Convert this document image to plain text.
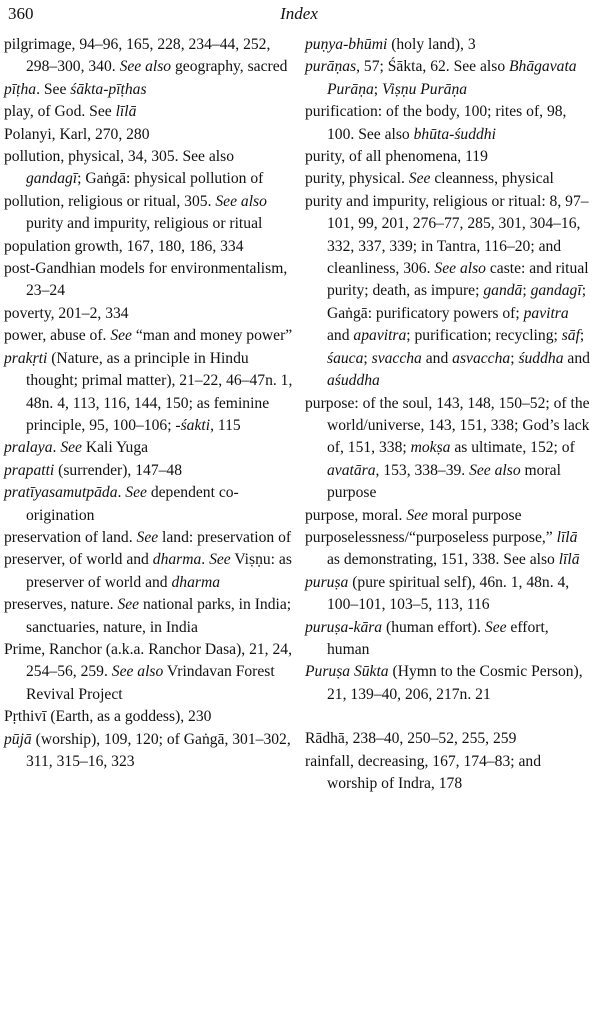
360	Index
pilgrimage, 94–96, 165, 228, 234–44, 252, 298–300, 340. See also geography, sacred
pīṭha. See śākta-pīṭhas
play, of God. See līlā
Polanyi, Karl, 270, 280
pollution, physical, 34, 305. See also gandagī; Gaṅgā: physical pollution of
pollution, religious or ritual, 305. See also purity and impurity, religious or ritual
population growth, 167, 180, 186, 334
post-Gandhian models for environmentalism, 23–24
poverty, 201–2, 334
power, abuse of. See “man and money power”
prakṛti (Nature, as a principle in Hindu thought; primal matter), 21–22, 46–47n. 1, 48n. 4, 113, 116, 144, 150; as feminine principle, 95, 100–106; -śakti, 115
pralaya. See Kali Yuga
prapatti (surrender), 147–48
pratīyasamutpāda. See dependent co-origination
preservation of land. See land: preservation of
preserver, of world and dharma. See Viṣṇu: as preserver of world and dharma
preserves, nature. See national parks, in India; sanctuaries, nature, in India
Prime, Ranchor (a.k.a. Ranchor Dasa), 21, 24, 254–56, 259. See also Vrindavan Forest Revival Project
Pṛthivī (Earth, as a goddess), 230
pūjā (worship), 109, 120; of Gaṅgā, 301–302, 311, 315–16, 323
puṇya-bhūmi (holy land), 3
purāṇas, 57; Śākta, 62. See also Bhāgavata Purāṇa; Viṣṇu Purāṇa
purification: of the body, 100; rites of, 98, 100. See also bhūta-śuddhi
purity, of all phenomena, 119
purity, physical. See cleanness, physical
purity and impurity, religious or ritual: 8, 97–101, 99, 201, 276–77, 285, 301, 304–16, 332, 337, 339; in Tantra, 116–20; and cleanliness, 306. See also caste: and ritual purity; death, as impure; gandā; gandagī; Gaṅgā: purificatory powers of; pavitra and apavitra; purification; recycling; sāf; śauca; svaccha and asvaccha; śuddha and aśuddha
purpose: of the soul, 143, 148, 150–52; of the world/universe, 143, 151, 338; God’s lack of, 151, 338; mokṣa as ultimate, 152; of avatāra, 153, 338–39. See also moral purpose
purpose, moral. See moral purpose
purposelessness/“purposeless purpose,” līlā as demonstrating, 151, 338. See also līlā
puruṣa (pure spiritual self), 46n. 1, 48n. 4, 100–101, 103–5, 113, 116
puruṣa-kāra (human effort). See effort, human
Puruṣa Sūkta (Hymn to the Cosmic Person), 21, 139–40, 206, 217n. 21
Rādhā, 238–40, 250–52, 255, 259
rainfall, decreasing, 167, 174–83; and worship of Indra, 178
